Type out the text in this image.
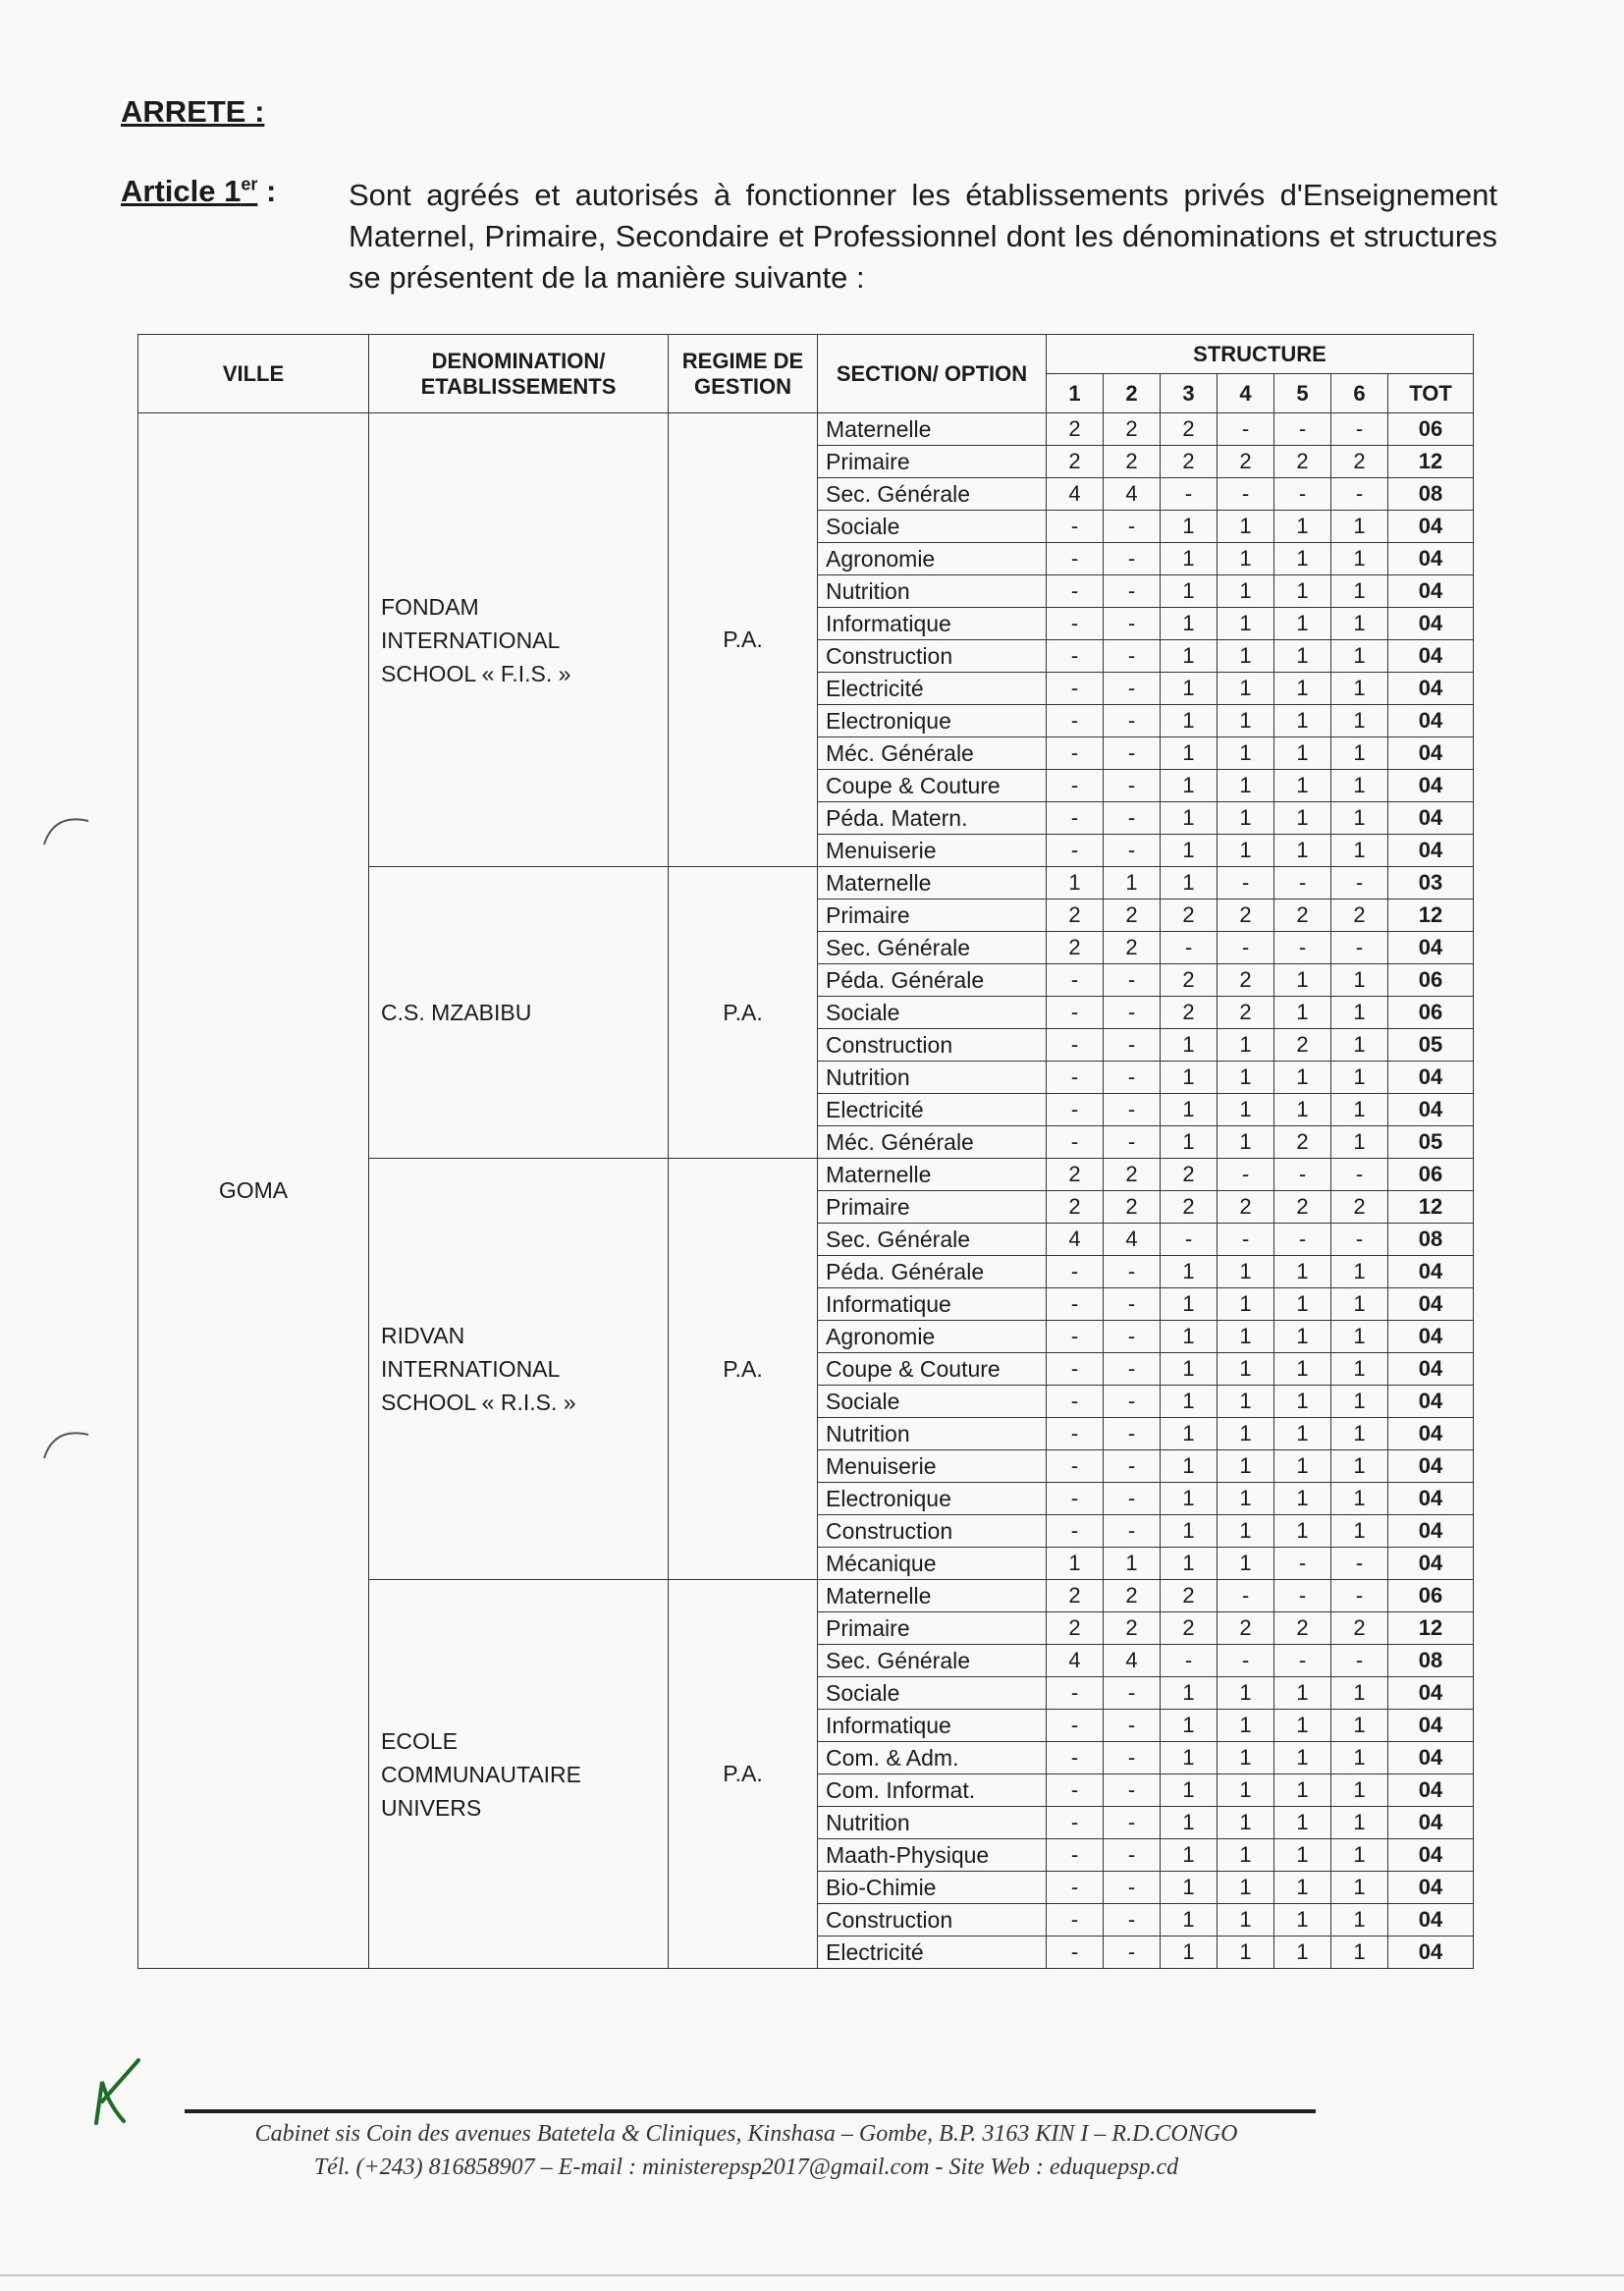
ARRETE :
Article 1er : Sont agréés et autorisés à fonctionner les établissements privés d'Enseignement Maternel, Primaire, Secondaire et Professionnel dont les dénominations et structures se présentent de la manière suivante :
VILLE	DENOMINATION/ ETABLISSEMENTS	REGIME DE GESTION	SECTION/ OPTION	STRUCTURE						
				1	2	3	4	5	6	TOT
GOMA	FONDAM
INTERNATIONAL
SCHOOL « F.I.S. »	P.A.	Maternelle	2	2	2	-	-	-	06
			Primaire	2	2	2	2	2	2	12
			Sec. Générale	4	4	-	-	-	-	08
			Sociale	-	-	1	1	1	1	04
			Agronomie	-	-	1	1	1	1	04
			Nutrition	-	-	1	1	1	1	04
			Informatique	-	-	1	1	1	1	04
			Construction	-	-	1	1	1	1	04
			Electricité	-	-	1	1	1	1	04
			Electronique	-	-	1	1	1	1	04
			Méc. Générale	-	-	1	1	1	1	04
			Coupe & Couture	-	-	1	1	1	1	04
			Péda. Matern.	-	-	1	1	1	1	04
			Menuiserie	-	-	1	1	1	1	04
	C.S. MZABIBU	P.A.	Maternelle	1	1	1	-	-	-	03
			Primaire	2	2	2	2	2	2	12
			Sec. Générale	2	2	-	-	-	-	04
			Péda. Générale	-	-	2	2	1	1	06
			Sociale	-	-	2	2	1	1	06
			Construction	-	-	1	1	2	1	05
			Nutrition	-	-	1	1	1	1	04
			Electricité	-	-	1	1	1	1	04
			Méc. Générale	-	-	1	1	2	1	05
	RIDVAN
INTERNATIONAL
SCHOOL « R.I.S. »	P.A.	Maternelle	2	2	2	-	-	-	06
			Primaire	2	2	2	2	2	2	12
			Sec. Générale	4	4	-	-	-	-	08
			Péda. Générale	-	-	1	1	1	1	04
			Informatique	-	-	1	1	1	1	04
			Agronomie	-	-	1	1	1	1	04
			Coupe & Couture	-	-	1	1	1	1	04
			Sociale	-	-	1	1	1	1	04
			Nutrition	-	-	1	1	1	1	04
			Menuiserie	-	-	1	1	1	1	04
			Electronique	-	-	1	1	1	1	04
			Construction	-	-	1	1	1	1	04
			Mécanique	1	1	1	1	-	-	04
	ECOLE
COMMUNAUTAIRE
UNIVERS	P.A.	Maternelle	2	2	2	-	-	-	06
			Primaire	2	2	2	2	2	2	12
			Sec. Générale	4	4	-	-	-	-	08
			Sociale	-	-	1	1	1	1	04
			Informatique	-	-	1	1	1	1	04
			Com. & Adm.	-	-	1	1	1	1	04
			Com. Informat.	-	-	1	1	1	1	04
			Nutrition	-	-	1	1	1	1	04
			Maath-Physique	-	-	1	1	1	1	04
			Bio-Chimie	-	-	1	1	1	1	04
			Construction	-	-	1	1	1	1	04
			Electricité	-	-	1	1	1	1	04
Cabinet sis Coin des avenues Batetela & Cliniques, Kinshasa – Gombe, B.P. 3163 KIN I – R.D.CONGO
Tél. (+243) 816858907 – E-mail : ministerepsp2017@gmail.com - Site Web : eduquepsp.cd
